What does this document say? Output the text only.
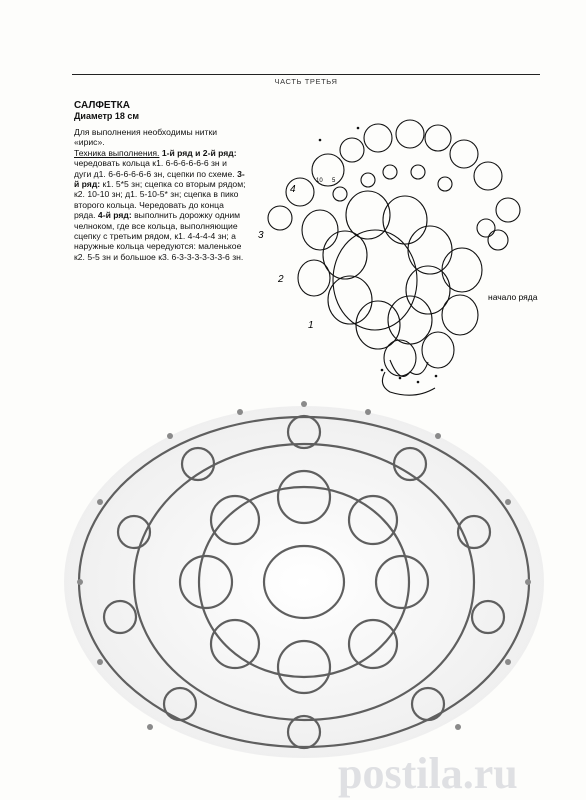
ЧАСТЬ ТРЕТЬЯ
САЛФЕТКА
Диаметр 18 см
Для выполнения необходимы нитки «ирис».
Техника выполнения. 1-й ряд и 2-й ряд: чередовать кольца к1. 6-6-6-6-6-6 зн и дуги д1. 6-6-6-6-6-6 зн, сцепки по схеме. 3-й ряд: к1. 5*5 зн; сцепка со вторым рядом; к2. 10-10 зн; д1. 5-10-5* зн; сцепка в пико второго кольца. Чередовать до конца ряда. 4-й ряд: выполнить дорожку одним челноком, где все кольца, выполняющие сцепку с третьим рядом, к1. 4-4-4-4 зн; а наружные кольца чередуются: маленькое к2. 5-5 зн и большое к3. 6-3-3-3-3-3-3-6 зн.
4
3
2
1
начало ряда
10 5
postila.ru
